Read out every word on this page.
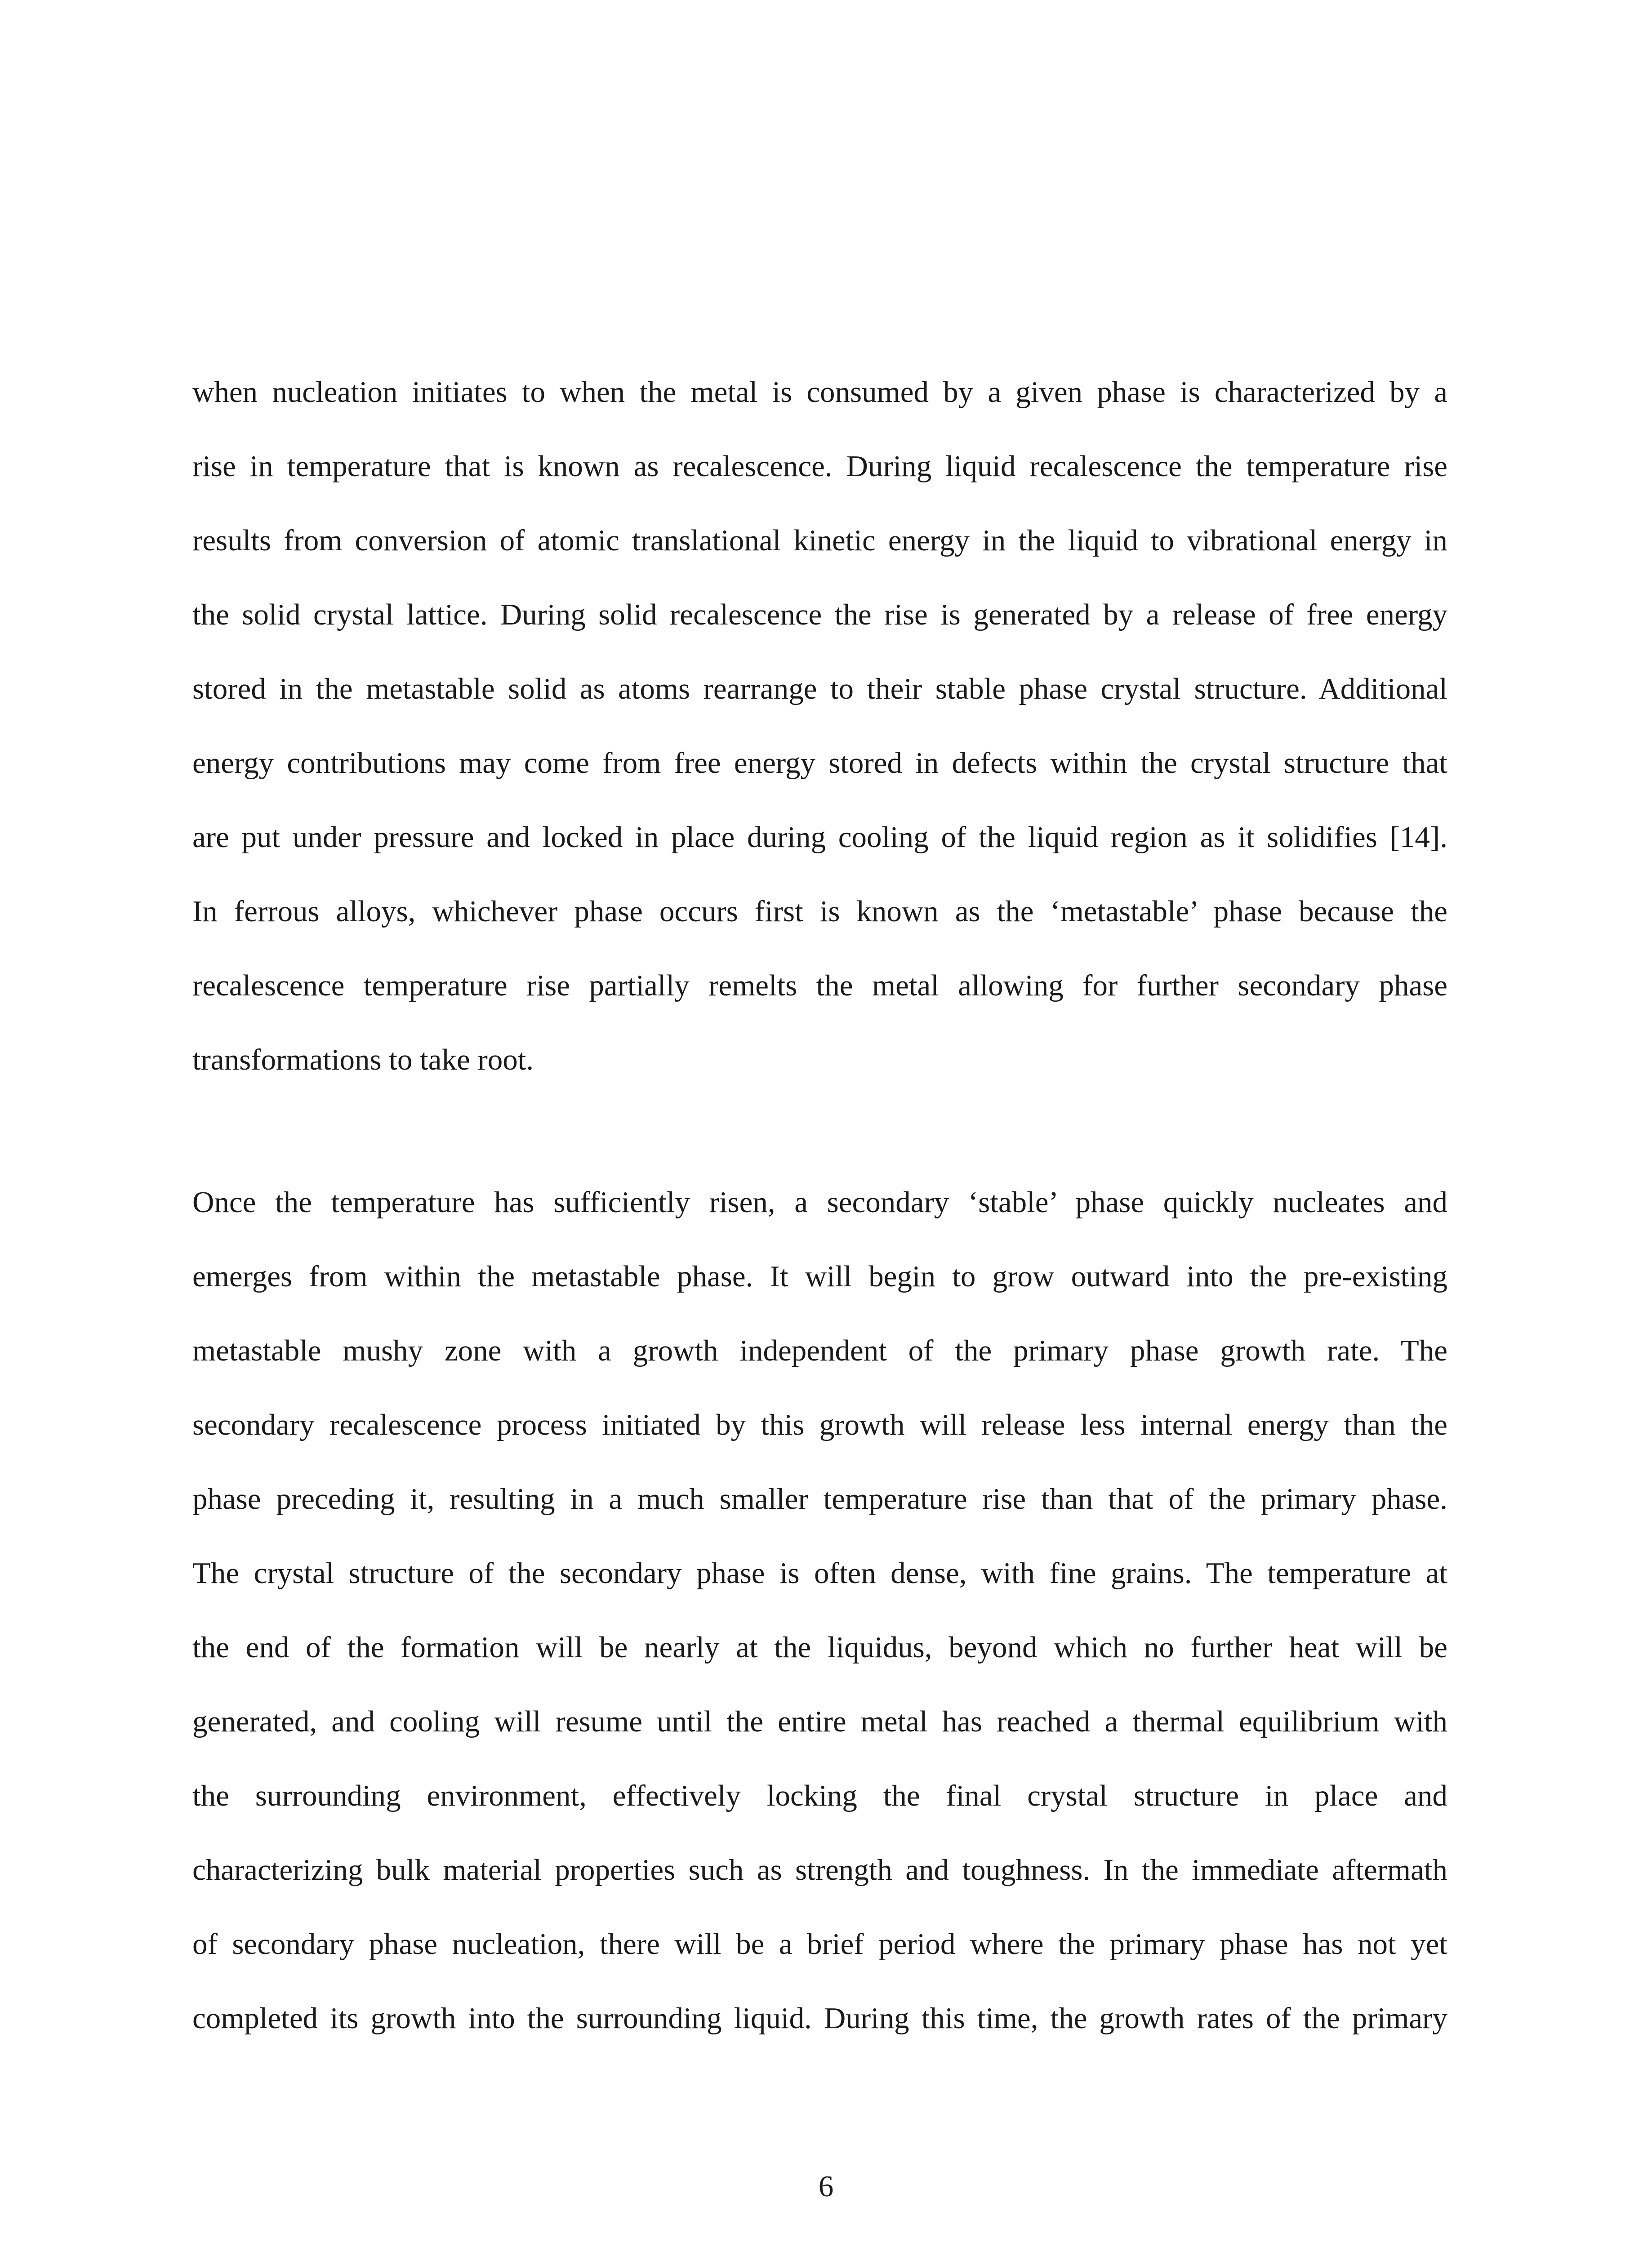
when nucleation initiates to when the metal is consumed by a given phase is characterized by a
rise in temperature that is known as recalescence. During liquid recalescence the temperature rise
results from conversion of atomic translational kinetic energy in the liquid to vibrational energy in
the solid crystal lattice. During solid recalescence the rise is generated by a release of free energy
stored in the metastable solid as atoms rearrange to their stable phase crystal structure. Additional
energy contributions may come from free energy stored in defects within the crystal structure that
are put under pressure and locked in place during cooling of the liquid region as it solidifies [14].
In ferrous alloys, whichever phase occurs first is known as the ‘metastable’ phase because the
recalescence temperature rise partially remelts the metal allowing for further secondary phase
transformations to take root.
Once the temperature has sufficiently risen, a secondary ‘stable’ phase quickly nucleates and
emerges from within the metastable phase. It will begin to grow outward into the pre-existing
metastable mushy zone with a growth independent of the primary phase growth rate. The
secondary recalescence process initiated by this growth will release less internal energy than the
phase preceding it, resulting in a much smaller temperature rise than that of the primary phase.
The crystal structure of the secondary phase is often dense, with fine grains. The temperature at
the end of the formation will be nearly at the liquidus, beyond which no further heat will be
generated, and cooling will resume until the entire metal has reached a thermal equilibrium with
the surrounding environment, effectively locking the final crystal structure in place and
characterizing bulk material properties such as strength and toughness. In the immediate aftermath
of secondary phase nucleation, there will be a brief period where the primary phase has not yet
completed its growth into the surrounding liquid. During this time, the growth rates of the primary
6
